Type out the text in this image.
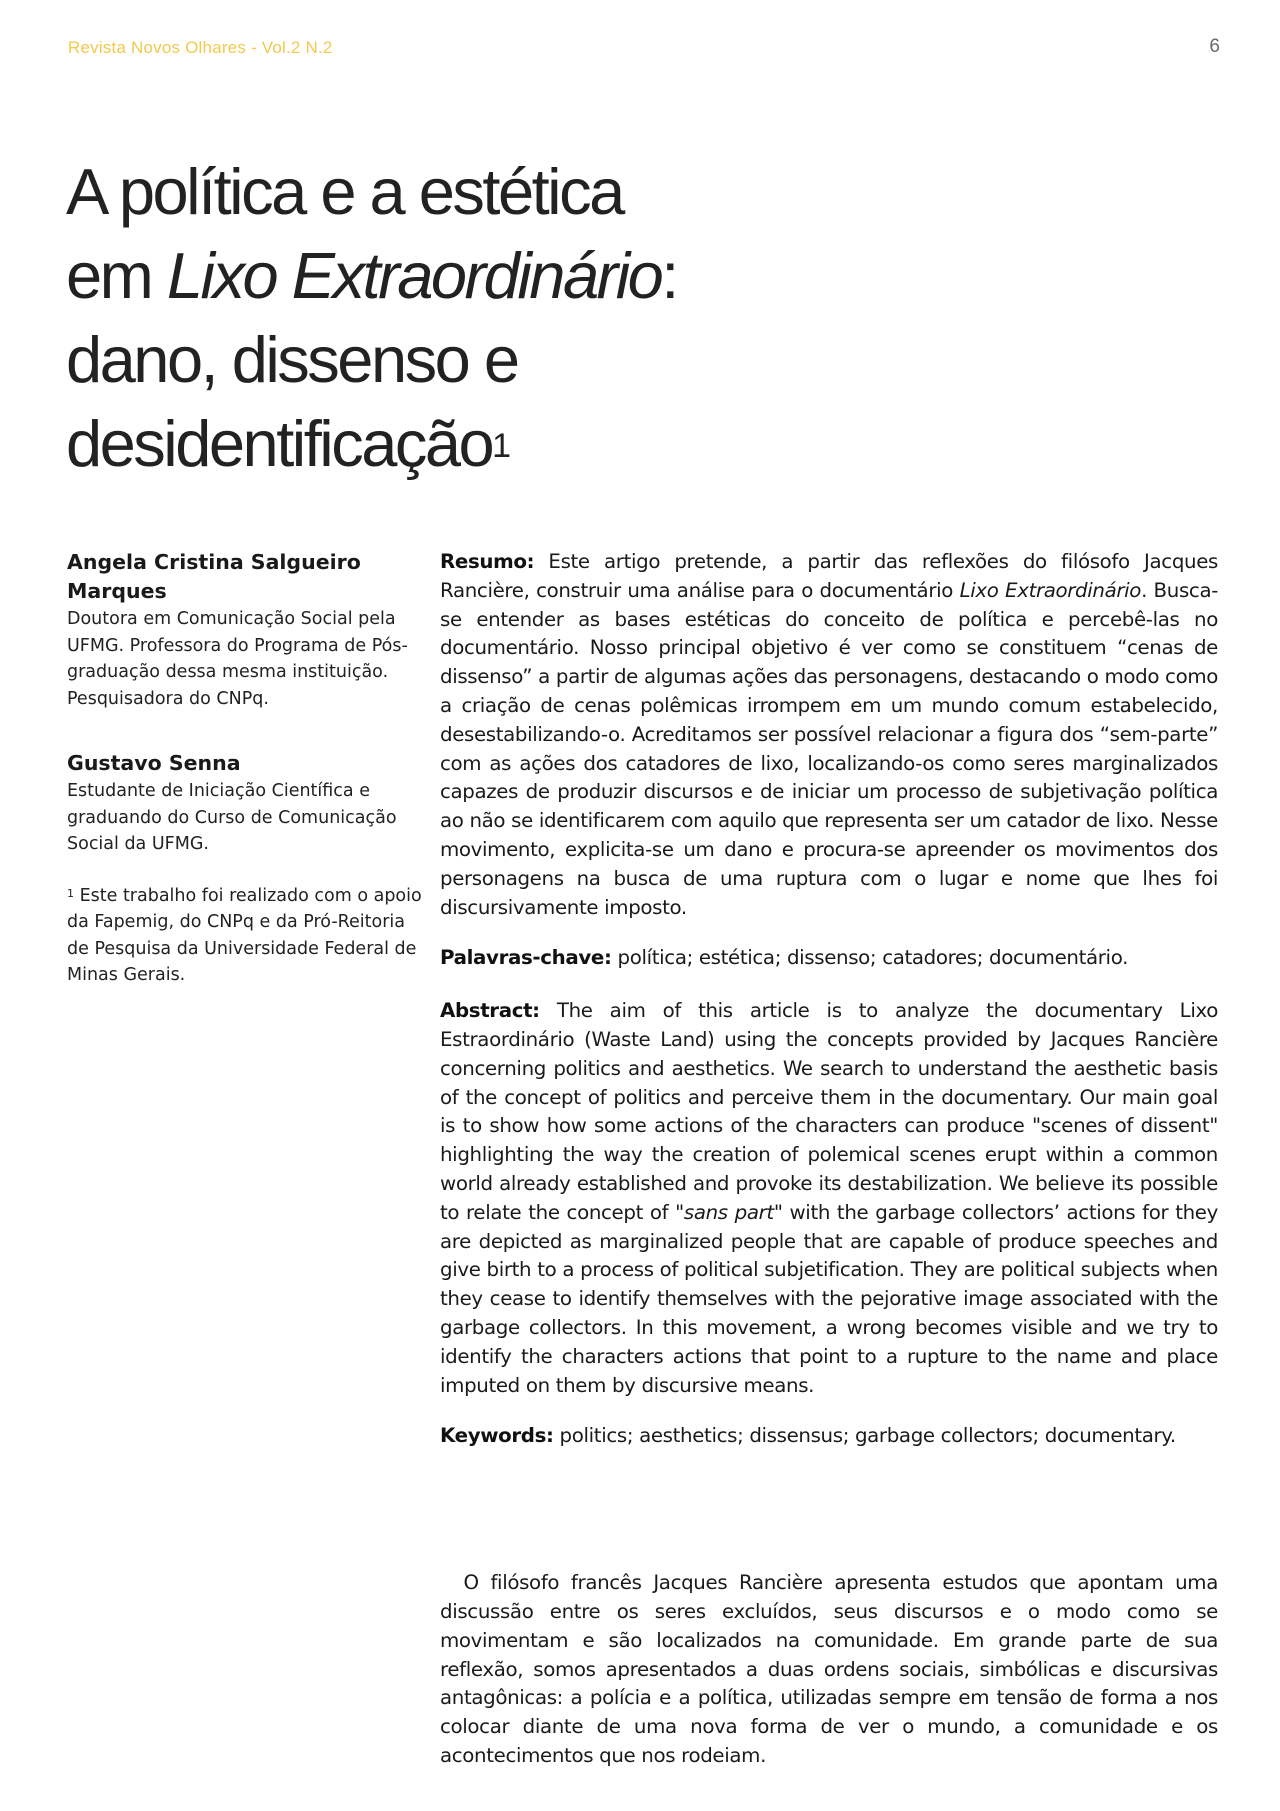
Revista Novos Olhares - Vol.2 N.2	6
A política e a estética
em Lixo Extraordinário:
dano, dissenso e
desidentificação$^1$
Angela Cristina Salgueiro Marques

Doutora em Comunicação Social pela UFMG. Professora do Programa de Pós-graduação dessa mesma instituição. Pesquisadora do CNPq.

Gustavo Senna

Estudante de Iniciação Científica e graduando do Curso de Comunicação Social da UFMG.

$^1$ Este trabalho foi realizado com o apoio da Fapemig, do CNPq e da Pró-Reitoria de Pesquisa da Universidade Federal de Minas Gerais.

Resumo: Este artigo pretende, a partir das reflexões do filósofo Jacques Rancière, construir uma análise para o documentário Lixo Extraordinário. Busca-se entender as bases estéticas do conceito de política e percebê-las no documentário. Nosso principal objetivo é ver como se constituem “cenas de dissenso” a partir de algumas ações das personagens, destacando o modo como a criação de cenas polêmicas irrompem em um mundo comum estabelecido, desestabilizando-o. Acreditamos ser possível relacionar a figura dos “sem-parte” com as ações dos catadores de lixo, localizando-os como seres marginalizados capazes de produzir discursos e de iniciar um processo de subjetivação política ao não se identificarem com aquilo que representa ser um catador de lixo. Nesse movimento, explicita-se um dano e procura-se apreender os movimentos dos personagens na busca de uma ruptura com o lugar e nome que lhes foi discursivamente imposto.

Palavras-chave: política; estética; dissenso; catadores; documentário.

Abstract: The aim of this article is to analyze the documentary Lixo Estraordinário (Waste Land) using the concepts provided by Jacques Rancière concerning politics and aesthetics. We search to understand the aesthetic basis of the concept of politics and perceive them in the documentary. Our main goal is to show how some actions of the characters can produce "scenes of dissent" highlighting the way the creation of polemical scenes erupt within a common world already established and provoke its destabilization. We believe its possible to relate the concept of "sans part" with the garbage collectors’ actions for they are depicted as marginalized people that are capable of produce speeches and give birth to a process of political subjetification. They are political subjects when they cease to identify themselves with the pejorative image associated with the garbage collectors. In this movement, a wrong becomes visible and we try to identify the characters actions that point to a rupture to the name and place imputed on them by discursive means.

Keywords: politics; aesthetics; dissensus; garbage collectors; documentary.

O filósofo francês Jacques Rancière apresenta estudos que apontam uma discussão entre os seres excluídos, seus discursos e o modo como se movimentam e são localizados na comunidade. Em grande parte de sua reflexão, somos apresentados a duas ordens sociais, simbólicas e discursivas antagônicas: a polícia e a política, utilizadas sempre em tensão de forma a nos colocar diante de uma nova forma de ver o mundo, a comunidade e os acontecimentos que nos rodeiam.
